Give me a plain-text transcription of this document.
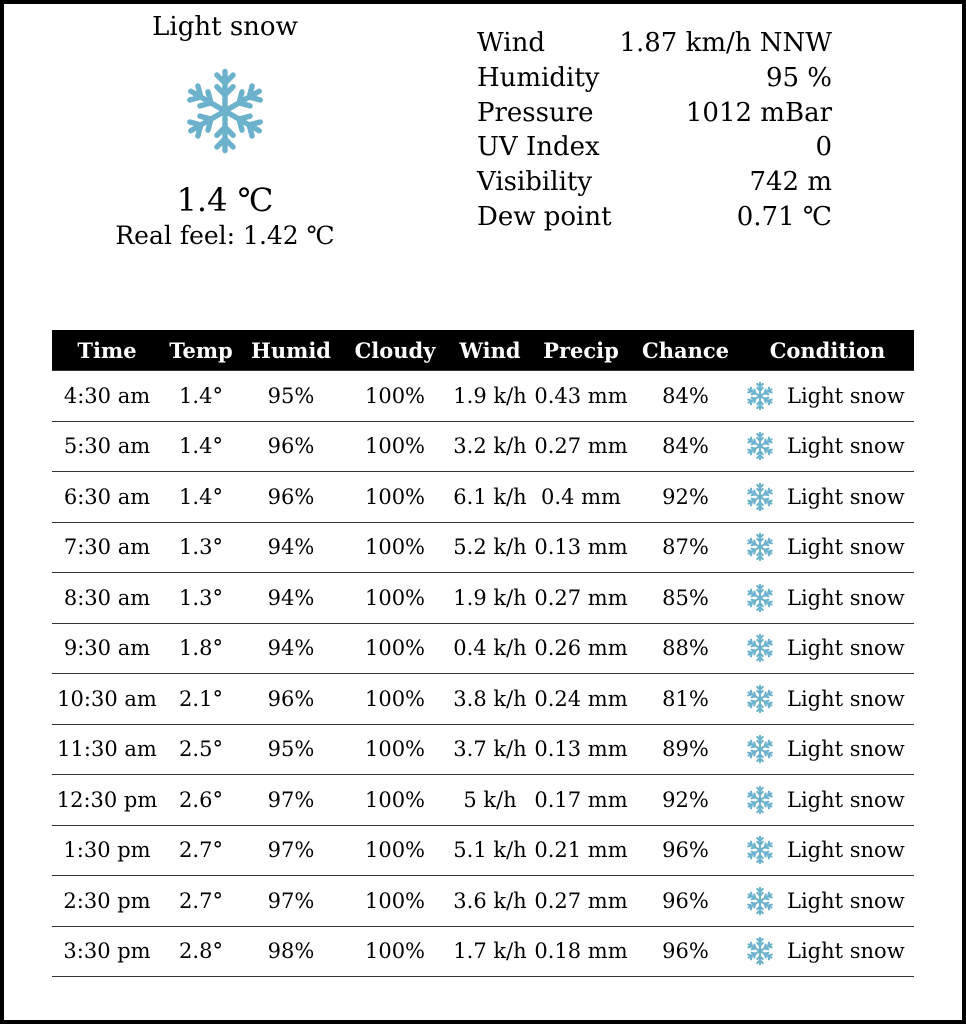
Light snow
1.4 ℃
Real feel: 1.42 ℃
Wind	1.87 km/h NNW
Humidity	95 %
Pressure	1012 mBar
UV Index	0
Visibility	742 m
Dew point	0.71 ℃
Time	Temp	Humid	Cloudy	Wind	Precip	Chance	Condition
4:30 am	1.4°	95%	100%	1.9 k/h	0.43 mm	84%	Light snow

5:30 am	1.4°	96%	100%	3.2 k/h	0.27 mm	84%	Light snow

6:30 am	1.4°	96%	100%	6.1 k/h	0.4 mm	92%	Light snow

7:30 am	1.3°	94%	100%	5.2 k/h	0.13 mm	87%	Light snow

8:30 am	1.3°	94%	100%	1.9 k/h	0.27 mm	85%	Light snow

9:30 am	1.8°	94%	100%	0.4 k/h	0.26 mm	88%	Light snow

10:30 am	2.1°	96%	100%	3.8 k/h	0.24 mm	81%	Light snow

11:30 am	2.5°	95%	100%	3.7 k/h	0.13 mm	89%	Light snow

12:30 pm	2.6°	97%	100%	5 k/h	0.17 mm	92%	Light snow

1:30 pm	2.7°	97%	100%	5.1 k/h	0.21 mm	96%	Light snow

2:30 pm	2.7°	97%	100%	3.6 k/h	0.27 mm	96%	Light snow

3:30 pm	2.8°	98%	100%	1.7 k/h	0.18 mm	96%	Light snow
